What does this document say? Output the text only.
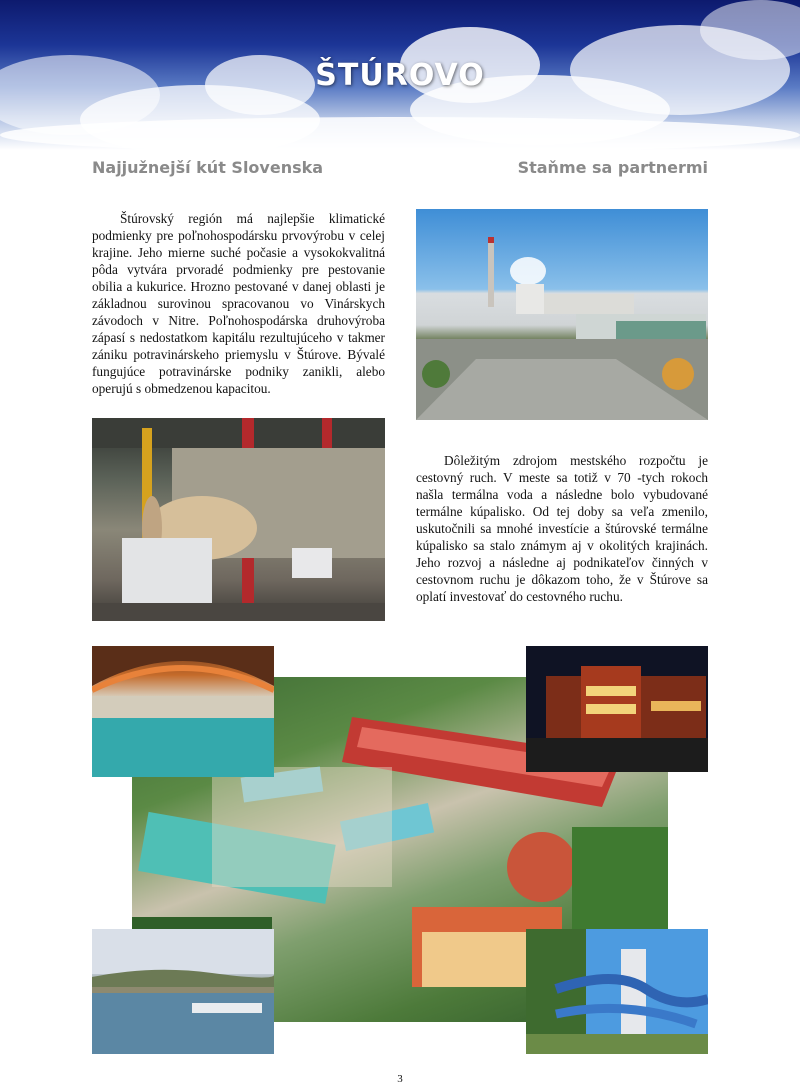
ŠTÚROVO
Najjužnejší kút Slovenska	Staňme sa partnermi

Štúrovský región má najlepšie klimatické podmienky pre poľnohospodársku prvovýrobu v celej krajine. Jeho mierne suché počasie a vysokokvalitná pôda vytvára prvoradé podmienky pre pestovanie obilia a kukurice. Hrozno pestované v danej oblasti je základnou surovinou spracovanou vo Vinárskych závodoch v Nitre. Poľnohospodárska druhovýroba zápasí s nedostatkom kapitálu rezultujúceho v takmer zániku potravinárskeho priemyslu v Štúrove. Bývalé fungujúce potravinárske podniky zanikli, alebo operujú s obmedzenou kapacitou.

Dôležitým zdrojom mestského rozpočtu je cestovný ruch. V meste sa totiž v 70 -tych rokoch našla termálna voda a následne bolo vybudované termálne kúpalisko. Od tej doby sa veľa zmenilo, uskutočnili sa mnohé investície a štúrovské termálne kúpalisko sa stalo známym aj v okolitých krajinách. Jeho rozvoj a následne aj podnikateľov činných v cestovnom ruchu je dôkazom toho, že v Štúrove sa oplatí investovať do cestovného ruchu.

3
